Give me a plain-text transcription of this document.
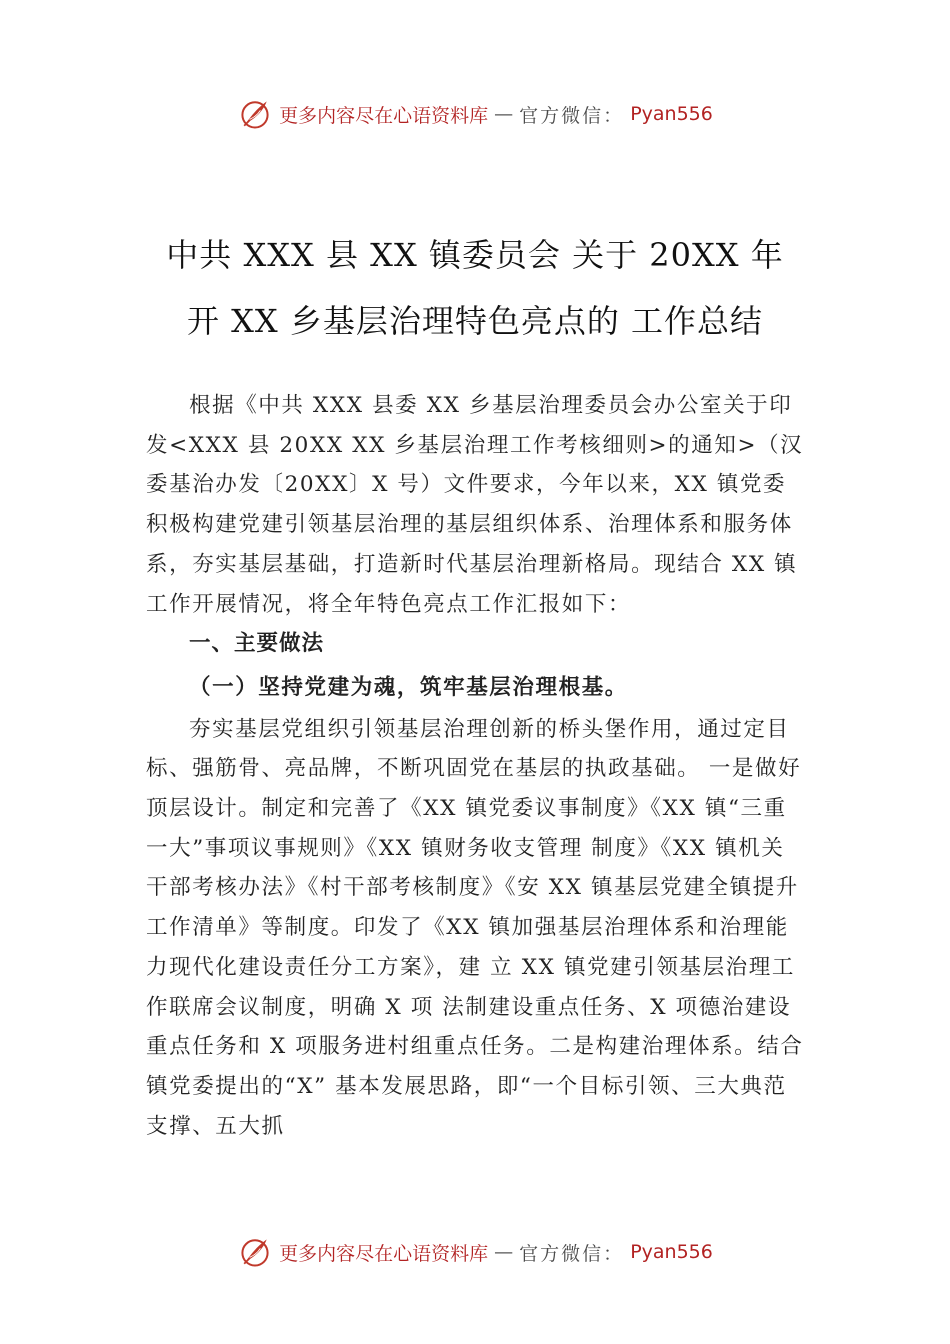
更多内容尽在心语资料库 — 官方微信： Pyan556
中共 XXX 县 XX 镇委员会 关于 20XX 年
开 XX 乡基层治理特色亮点的 工作总结

根据《中共 XXX 县委 XX 乡基层治理委员会办公室关于印发<XXX 县 20XX XX 乡基层治理工作考核细则>的通知>（汉委基治办发〔20XX〕X 号）文件要求，今年以来，XX 镇党委积极构建党建引领基层治理的基层组织体系、治理体系和服务体系，夯实基层基础，打造新时代基层治理新格局。现结合 XX 镇工作开展情况，将全年特色亮点工作汇报如下：

一、主要做法

（一）坚持党建为魂，筑牢基层治理根基。

夯实基层党组织引领基层治理创新的桥头堡作用，通过定目标、强筋骨、亮品牌，不断巩固党在基层的执政基础。 一是做好顶层设计。制定和完善了《XX 镇党委议事制度》《XX 镇“三重一大”事项议事规则》《XX 镇财务收支管理 制度》《XX 镇机关干部考核办法》《村干部考核制度》《安 XX 镇基层党建全镇提升工作清单》等制度。印发了《XX 镇加强基层治理体系和治理能力现代化建设责任分工方案》，建 立 XX 镇党建引领基层治理工作联席会议制度，明确 X 项 法制建设重点任务、X 项德治建设重点任务和 X 项服务进村组重点任务。二是构建治理体系。结合镇党委提出的“X” 基本发展思路，即“一个目标引领、三大典范支撑、五大抓

更多内容尽在心语资料库 — 官方微信： Pyan556
